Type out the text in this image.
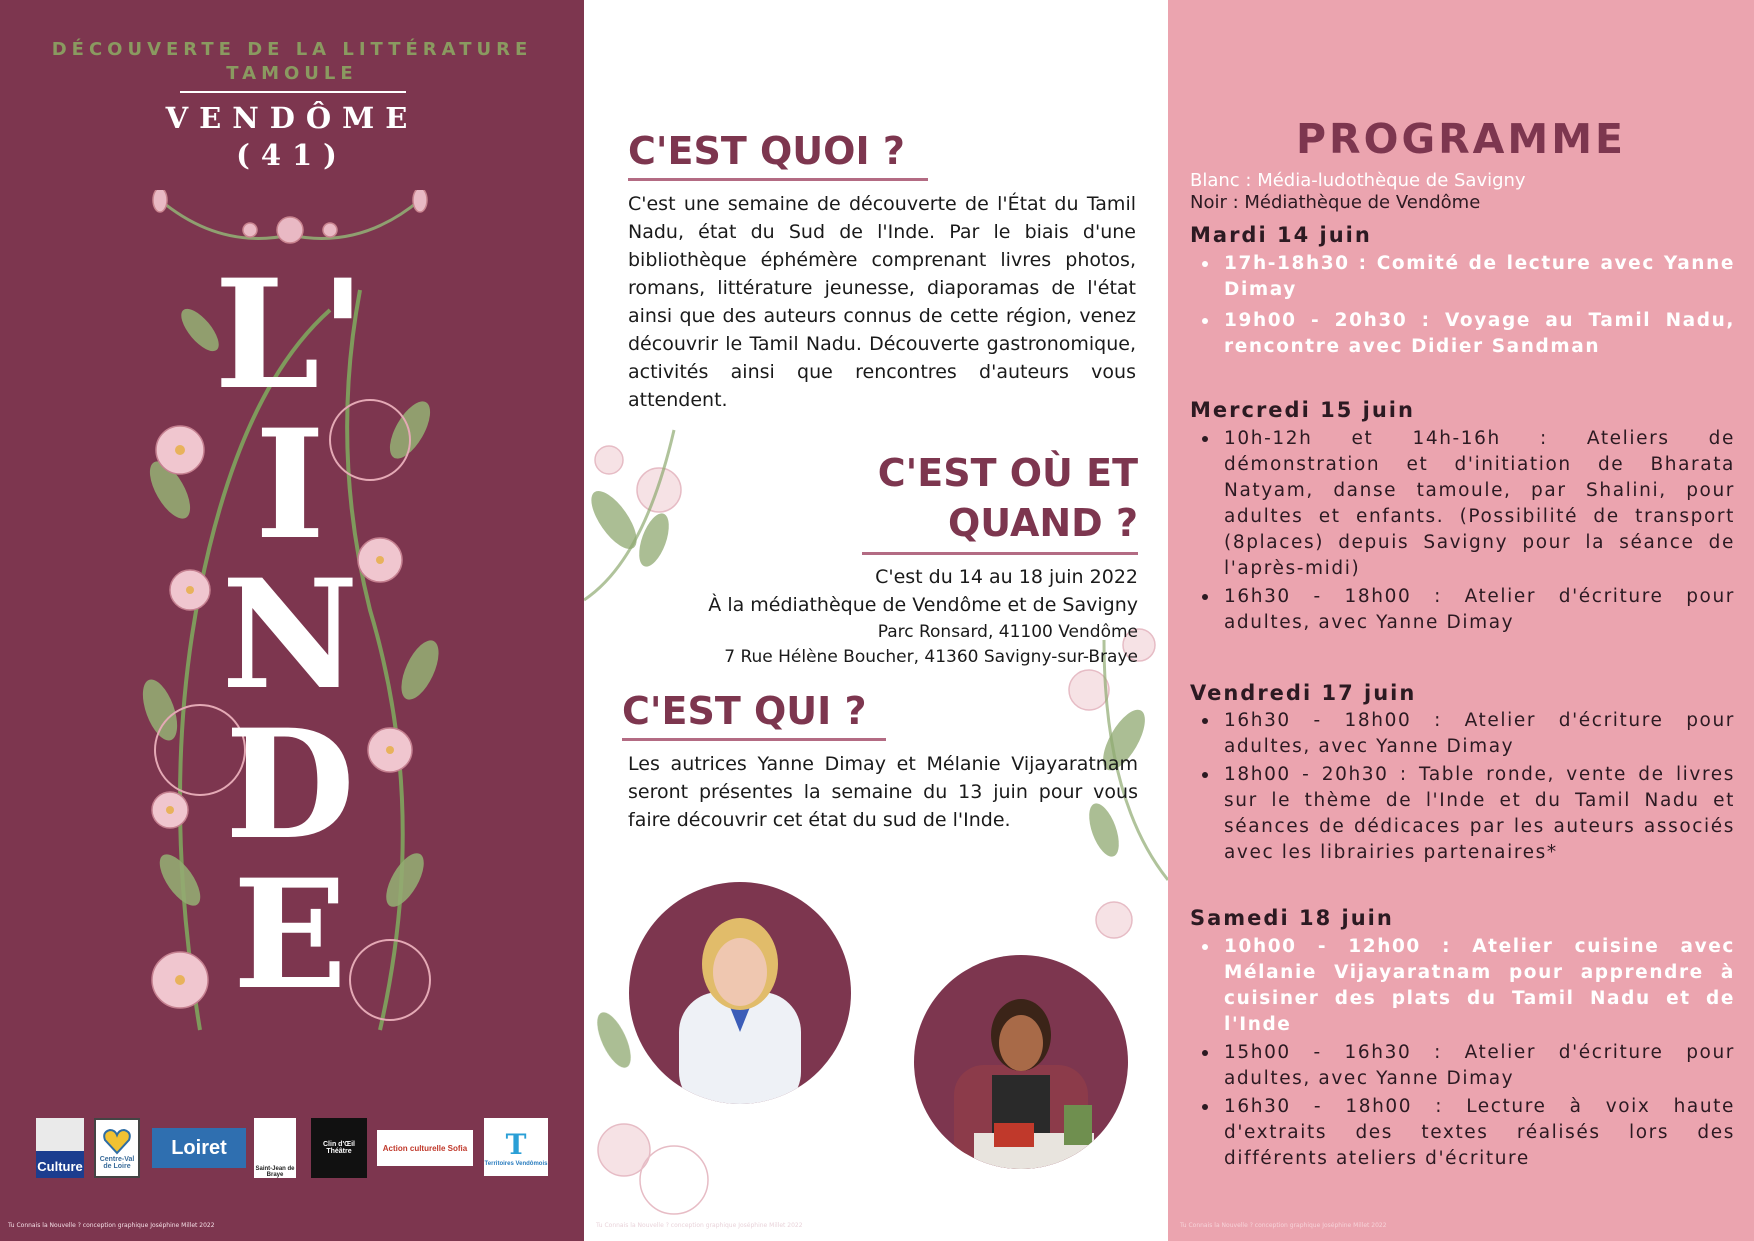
DÉCOUVERTE DE LA LITTÉRATURE TAMOULE
VENDÔME
(41)
L'
I
N
D
E
Culture	Centre-Val de Loire
Loiret
Saint-Jean de Braye
Clin d'Œil Théâtre	Action culturelle Sofia T
Territoires Vendômois
Tu Connais la Nouvelle ? conception graphique Joséphine Millet 2022
C'EST QUOI ?

C'est une semaine de découverte de l'État du Tamil Nadu, état du Sud de l'Inde. Par le biais d'une bibliothèque éphémère comprenant livres photos, romans, littérature jeunesse, diaporamas de l'état ainsi que des auteurs connus de cette région, venez découvrir le Tamil Nadu. Découverte gastronomique, activités ainsi que rencontres d'auteurs vous attendent.

C'EST OÙ ET
QUAND ?
C'est du 14 au 18 juin 2022
À la médiathèque de Vendôme et de Savigny
Parc Ronsard, 41100 Vendôme
7 Rue Hélène Boucher, 41360 Savigny-sur-Braye
C'EST QUI ?

Les autrices Yanne Dimay et Mélanie Vijayaratnam seront présentes la semaine du 13 juin pour vous faire découvrir cet état du sud de l'Inde.

Tu Connais la Nouvelle ? conception graphique Joséphine Millet 2022
PROGRAMME
Blanc : Média-ludothèque de Savigny
Noir : Médiathèque de Vendôme
Mardi 14 juin
17h-18h30 : Comité de lecture avec Yanne Dimay
19h00 - 20h30 : Voyage au Tamil Nadu, rencontre avec Didier Sandman
Mercredi 15 juin
10h-12h et 14h-16h : Ateliers de démonstration et d'initiation de Bharata Natyam, danse tamoule, par Shalini, pour adultes et enfants. (Possibilité de transport (8places) depuis Savigny pour la séance de l'après-midi)
16h30 - 18h00 : Atelier d'écriture pour adultes, avec Yanne Dimay
Vendredi 17 juin
16h30 - 18h00 : Atelier d'écriture pour adultes, avec Yanne Dimay
18h00 - 20h30 : Table ronde, vente de livres sur le thème de l'Inde et du Tamil Nadu et séances de dédicaces par les auteurs associés avec les librairies partenaires*
Samedi 18 juin
10h00 - 12h00 : Atelier cuisine avec Mélanie Vijayaratnam pour apprendre à cuisiner des plats du Tamil Nadu et de l'Inde
15h00 - 16h30 : Atelier d'écriture pour adultes, avec Yanne Dimay
16h30 - 18h00 : Lecture à voix haute d'extraits des textes réalisés lors des différents ateliers d'écriture
Tu Connais la Nouvelle ? conception graphique Joséphine Millet 2022
